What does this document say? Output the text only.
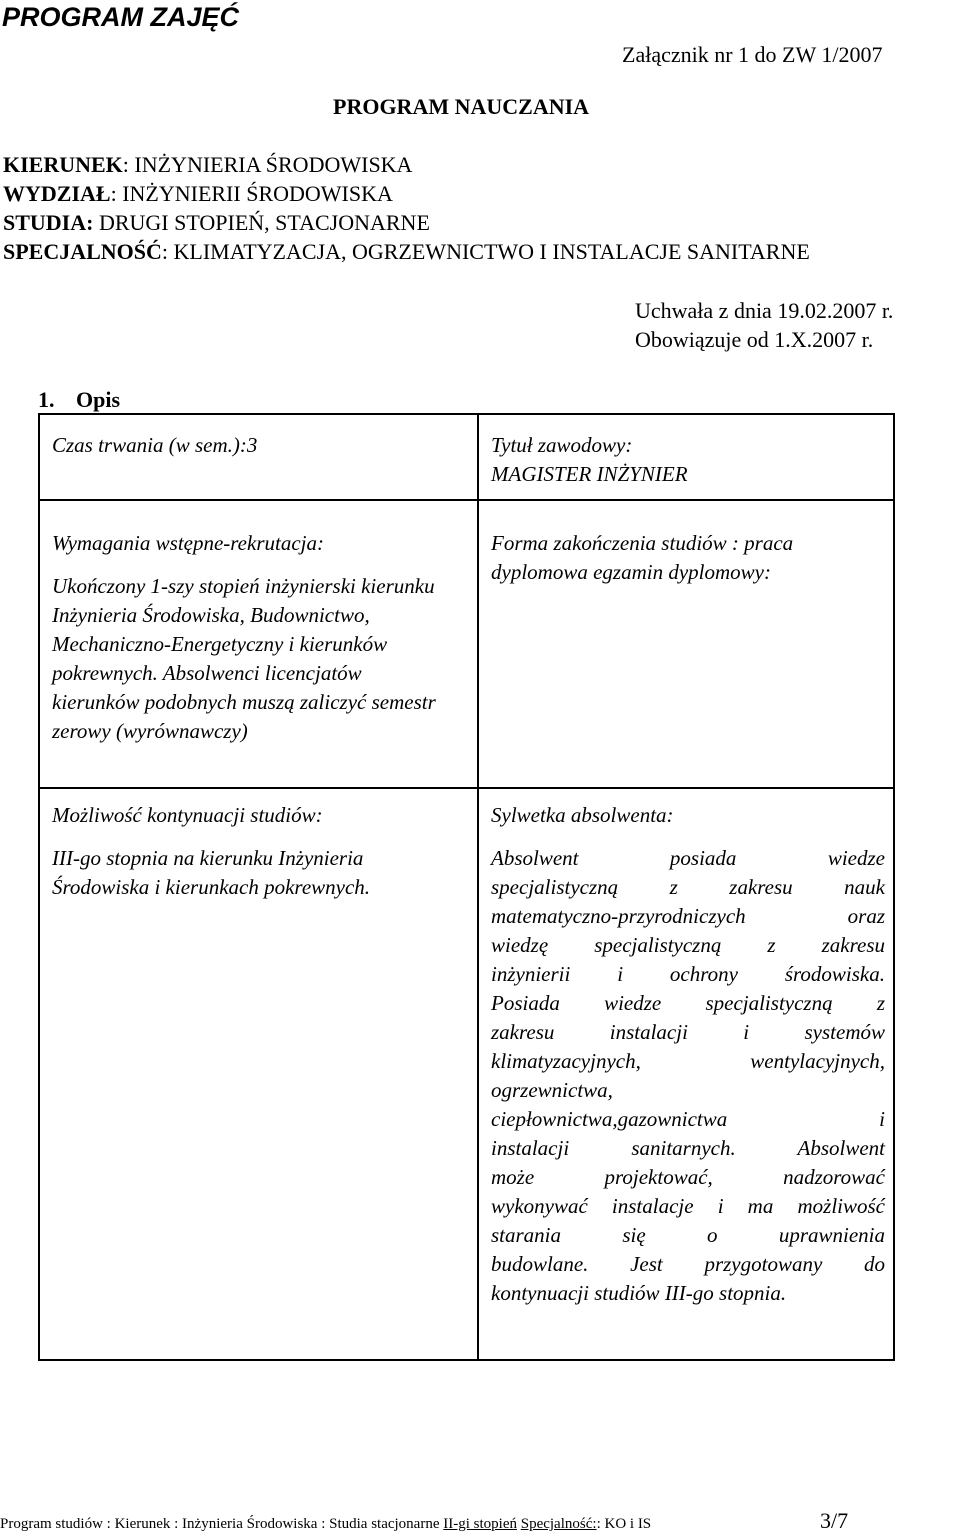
PROGRAM ZAJĘĆ
Załącznik nr 1 do ZW 1/2007
PROGRAM NAUCZANIA
KIERUNEK: INŻYNIERIA ŚRODOWISKA
WYDZIAŁ: INŻYNIERII ŚRODOWISKA
STUDIA: DRUGI STOPIEŃ, STACJONARNE
SPECJALNOŚĆ: KLIMATYZACJA, OGRZEWNICTWO I INSTALACJE SANITARNE
Uchwała z dnia 19.02.2007 r.
Obowiązuje od 1.X.2007 r.
1. Opis
Czas trwania (w sem.):3	Tytuł zawodowy:

MAGISTER INŻYNIER

Wymagania wstępne-rekrutacja:

Ukończony 1-szy stopień inżynierski kierunku Inżynieria Środowiska, Budownictwo, Mechaniczno-Energetyczny i kierunków pokrewnych. Absolwenci licencjatów kierunków podobnych muszą zaliczyć semestr zerowy (wyrównawczy)

Forma zakończenia studiów : praca dyplomowa egzamin dyplomowy:

Możliwość kontynuacji studiów:

III-go stopnia na kierunku Inżynieria Środowiska i kierunkach pokrewnych.

Sylwetka absolwenta:

Absolwent posiada wiedze
specjalistyczną z zakresu nauk
matematyczno-przyrodniczych oraz
wiedzę specjalistyczną z zakresu
inżynierii i ochrony środowiska.
Posiada wiedze specjalistyczną z
zakresu instalacji i systemów
klimatyzacyjnych, wentylacyjnych,
ogrzewnictwa,
ciepłownictwa,gazownictwa i
instalacji sanitarnych. Absolwent
może projektować, nadzorować
wykonywać instalacje i ma możliwość
starania się o uprawnienia
budowlane. Jest przygotowany do
kontynuacji studiów III-go stopnia.
Program studiów : Kierunek : Inżynieria Środowiska : Studia stacjonarne II-gi stopień Specjalność:: KO i IS	3/7
